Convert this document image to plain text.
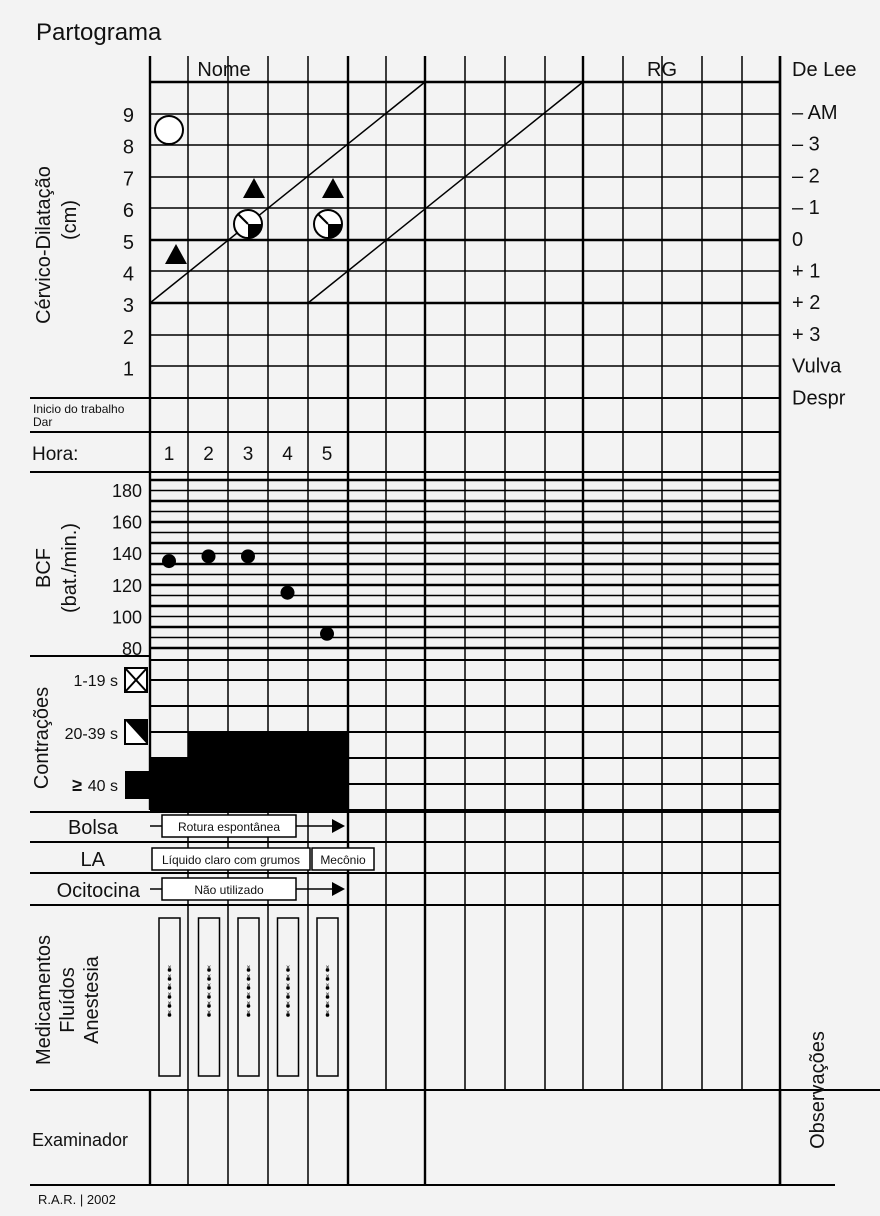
Partograma
Nome	RG	De Lee
Cérvico-Dilatação (cm)
9
8
7
6
5
4
3
2
1
– AM
– 3
– 2
– 1
0
+ 1
+ 2
+ 3
Vulva
Despr
Inicio do trabalho
Dar
Hora:	1 2 3 4 5
BCF (bat./min.)
180
160
140
120
100
80
Contrações
1-19 s
20-39 s
≥ 40 s
Bolsa	Rotura espontânea
LA	Líquido claro com grumos Mecônio
Ocitocina	Não utilizado
Medicamentos Fluídos Anestesia	×
×
×
×
×
×
×
×
×
×
×
×
×
×
×
×
×
×
×
×
×
×
×
×
×
×
×
×
×
×
Examinador	Observações
R.A.R. | 2002
